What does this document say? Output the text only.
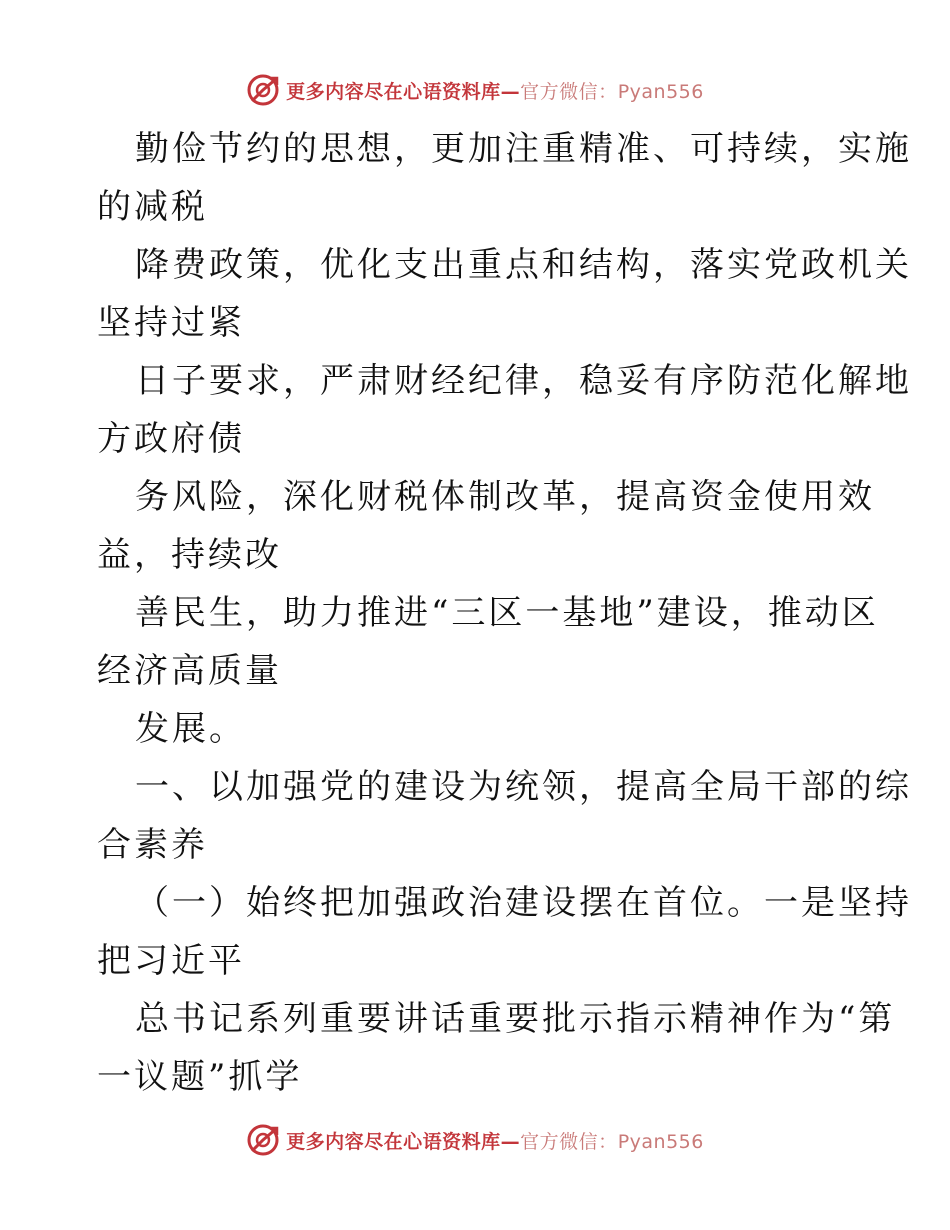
更多内容尽在心语资料库—官方微信：Pyan556
勤俭节约的思想，更加注重精准、可持续，实施
的减税
降费政策，优化支出重点和结构，落实党政机关
坚持过紧
日子要求，严肃财经纪律，稳妥有序防范化解地
方政府债
务风险，深化财税体制改革，提高资金使用效
益，持续改
善民生，助力推进“三区一基地”建设，推动区
经济高质量
发展。
一、以加强党的建设为统领，提高全局干部的综
合素养
（一）始终把加强政治建设摆在首位。一是坚持
把习近平
总书记系列重要讲话重要批示指示精神作为“第
一议题”抓学
更多内容尽在心语资料库—官方微信：Pyan556
